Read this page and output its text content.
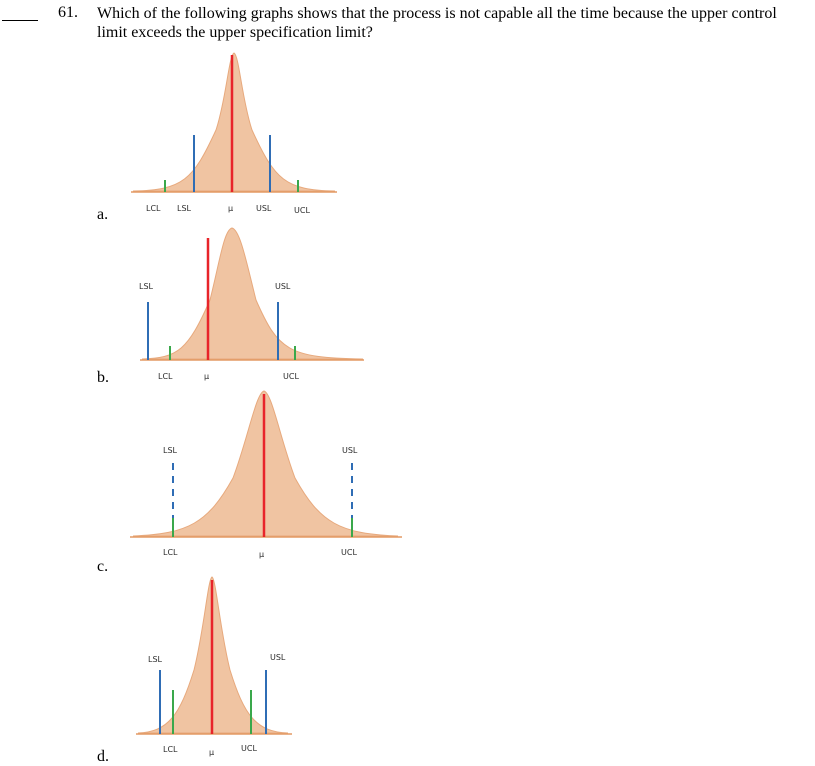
61. Which of the following graphs shows that the process is not capable all the time because the upper control limit exceeds the upper specification limit?
a.	LCL LSL	μ	USL	UCL
b.
LSL	USL
LCL	μ	UCL
c.
LSL	USL
LCL	μ	UCL
d.
LSL	USL
LCL	μ	UCL
